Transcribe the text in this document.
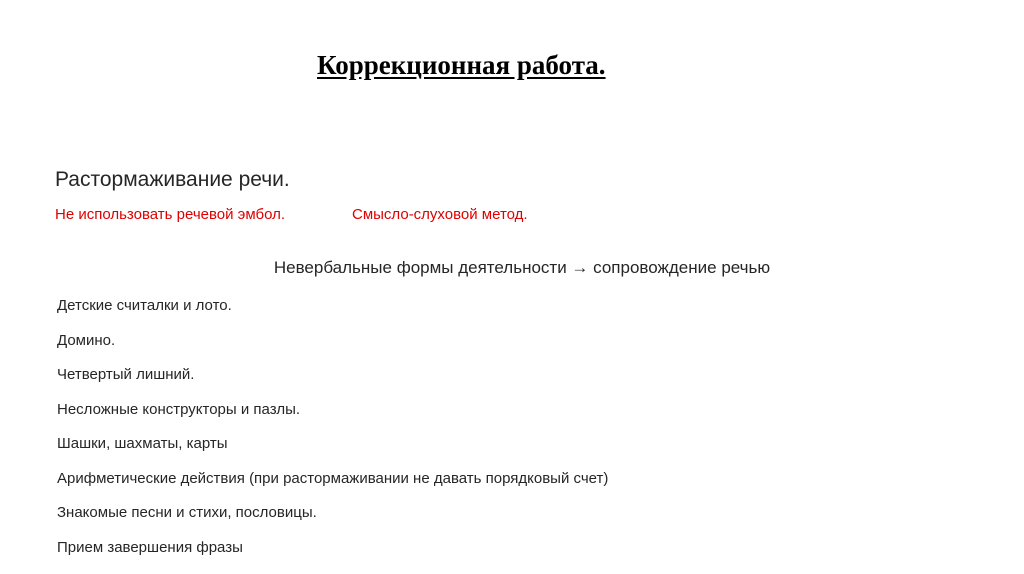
Коррекционная работа.

Растормаживание речи.

Не использовать речевой эмбол.	Смысло-слуховой метод.

Невербальные формы деятельности → сопровождение речью

Детские считалки и лото.
Домино.
Четвертый лишний.
Несложные конструкторы и пазлы.
Шашки, шахматы, карты
Арифметические действия (при растормаживании не давать порядковый счет)
Знакомые песни и стихи, пословицы.
Прием завершения фразы
